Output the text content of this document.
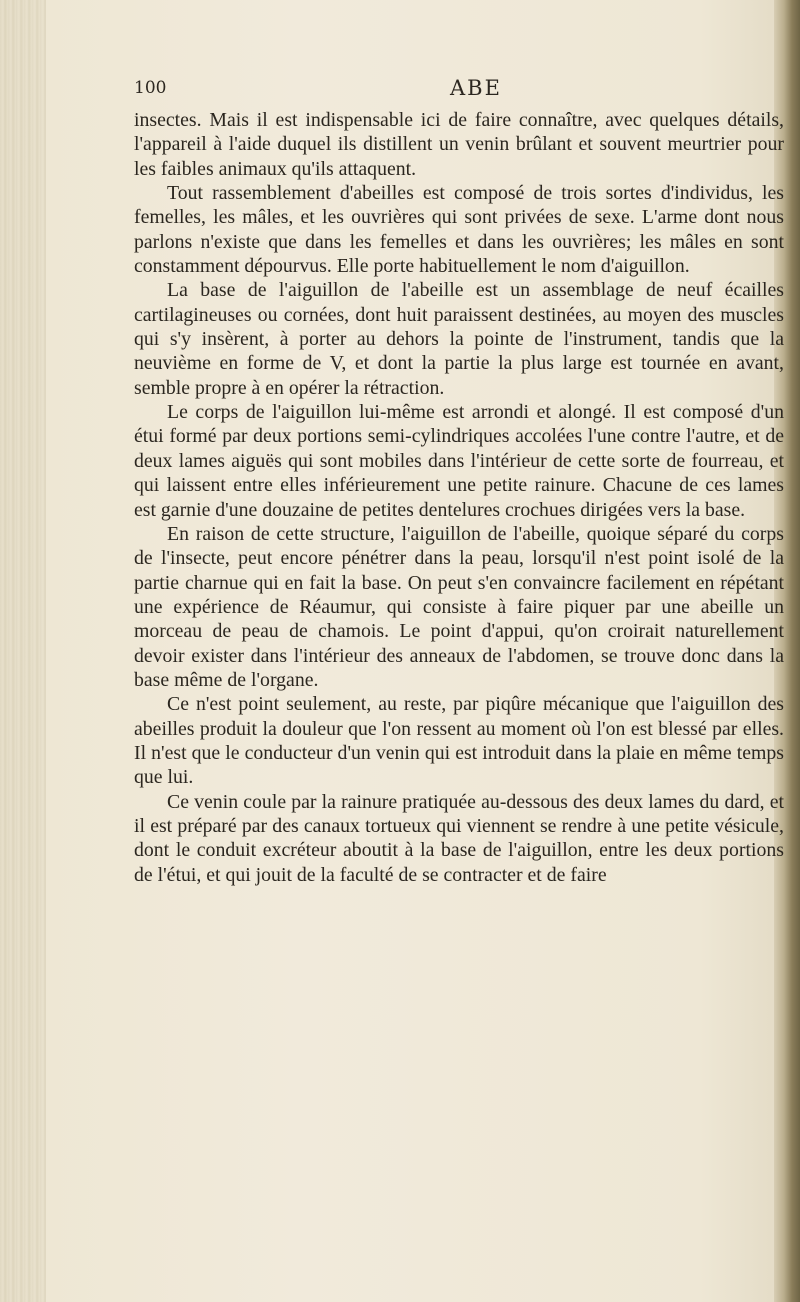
100	ABE

insectes. Mais il est indispensable ici de faire connaître, avec quelques détails, l'appareil à l'aide duquel ils distillent un venin brûlant et souvent meurtrier pour les faibles animaux qu'ils attaquent.

Tout rassemblement d'abeilles est composé de trois sortes d'individus, les femelles, les mâles, et les ouvrières qui sont privées de sexe. L'arme dont nous parlons n'existe que dans les femelles et dans les ouvrières; les mâles en sont constamment dépourvus. Elle porte habituellement le nom d'aiguillon.

La base de l'aiguillon de l'abeille est un assemblage de neuf écailles cartilagineuses ou cornées, dont huit paraissent destinées, au moyen des muscles qui s'y insèrent, à porter au dehors la pointe de l'instrument, tandis que la neuvième en forme de V, et dont la partie la plus large est tournée en avant, semble propre à en opérer la rétraction.

Le corps de l'aiguillon lui-même est arrondi et alongé. Il est composé d'un étui formé par deux portions semi-cylindriques accolées l'une contre l'autre, et de deux lames aiguës qui sont mobiles dans l'intérieur de cette sorte de fourreau, et qui laissent entre elles inférieurement une petite rainure. Chacune de ces lames est garnie d'une douzaine de petites dentelures crochues dirigées vers la base.

En raison de cette structure, l'aiguillon de l'abeille, quoique séparé du corps de l'insecte, peut encore pénétrer dans la peau, lorsqu'il n'est point isolé de la partie charnue qui en fait la base. On peut s'en convaincre facilement en répétant une expérience de Réaumur, qui consiste à faire piquer par une abeille un morceau de peau de chamois. Le point d'appui, qu'on croirait naturellement devoir exister dans l'intérieur des anneaux de l'abdomen, se trouve donc dans la base même de l'organe.

Ce n'est point seulement, au reste, par piqûre mécanique que l'aiguillon des abeilles produit la douleur que l'on ressent au moment où l'on est blessé par elles. Il n'est que le conducteur d'un venin qui est introduit dans la plaie en même temps que lui.

Ce venin coule par la rainure pratiquée au-dessous des deux lames du dard, et il est préparé par des canaux tortueux qui viennent se rendre à une petite vésicule, dont le conduit excréteur aboutit à la base de l'aiguillon, entre les deux portions de l'étui, et qui jouit de la faculté de se contracter et de faire
